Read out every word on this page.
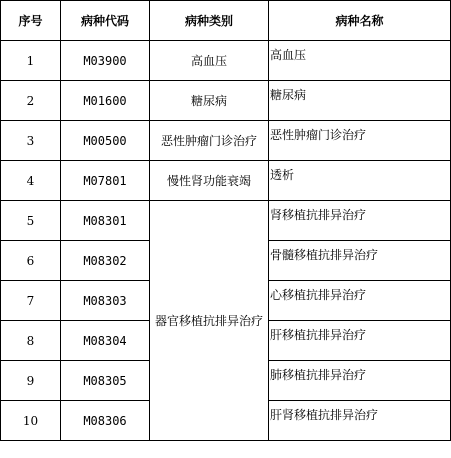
序号	病种代码	病种类别	病种名称
1	M03900	高血压	高血压
2	M01600	糖尿病	糖尿病
3	M00500	恶性肿瘤门诊治疗	恶性肿瘤门诊治疗
4	M07801	慢性肾功能衰竭	透析
5	M08301	器官移植抗排异治疗	肾移植抗排异治疗
6	M08302		骨髓移植抗排异治疗
7	M08303		心移植抗排异治疗
8	M08304		肝移植抗排异治疗
9	M08305		肺移植抗排异治疗
10	M08306		肝肾移植抗排异治疗
